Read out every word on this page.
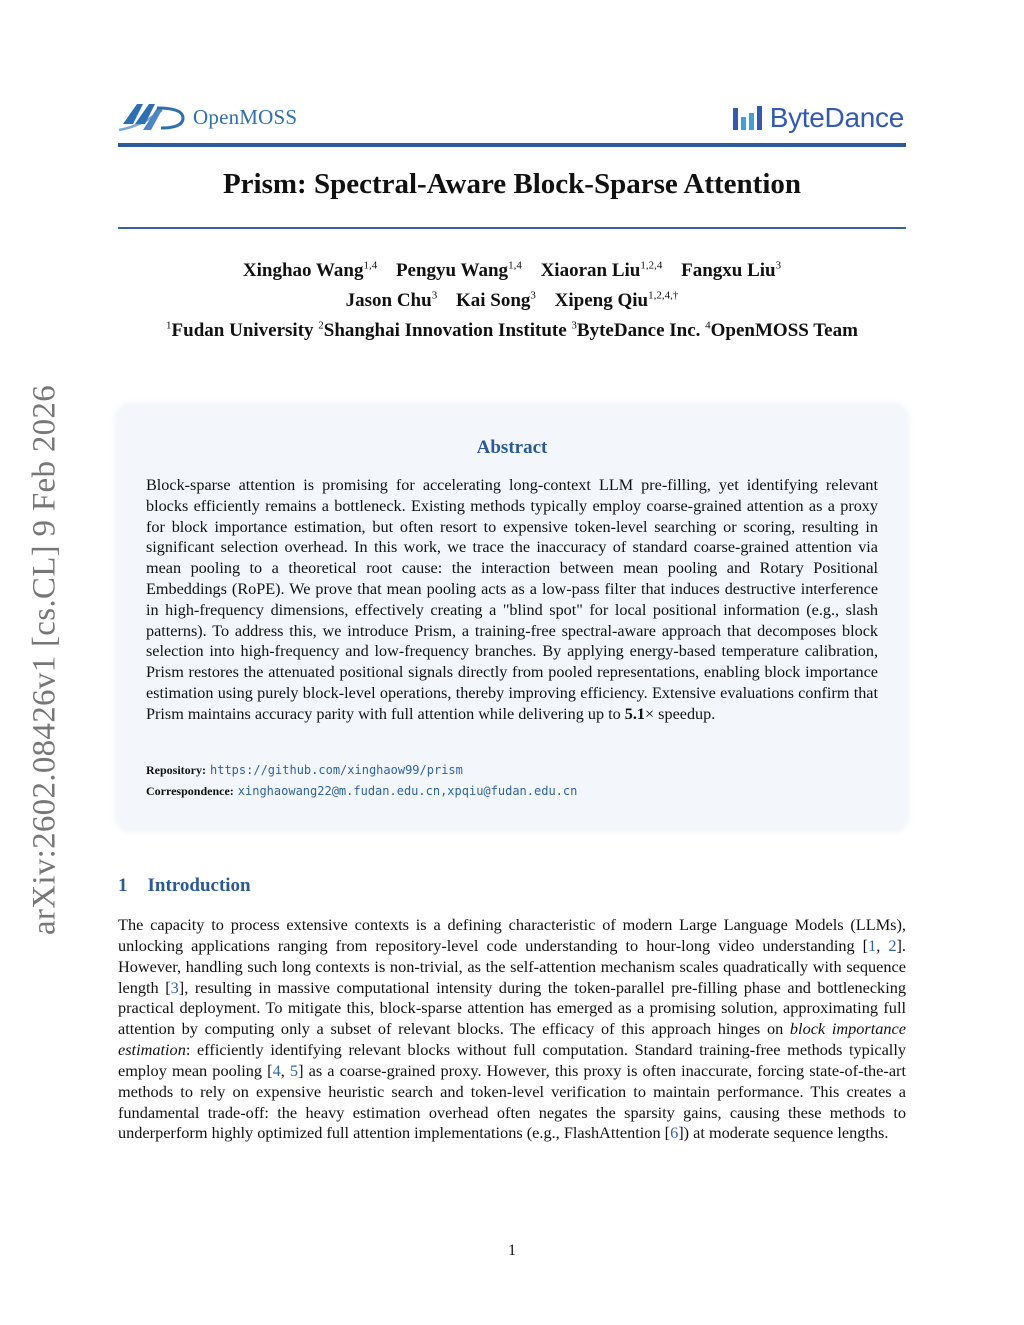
arXiv:2602.08426v1 [cs.CL] 9 Feb 2026
OpenMOSS	ByteDance
Prism: Spectral-Aware Block-Sparse Attention
Xinghao Wang$^{1,4}$ Pengyu Wang$^{1,4}$ Xiaoran Liu$^{1,2,4}$ Fangxu Liu$^3$
Jason Chu$^3$ Kai Song$^3$ Xipeng Qiu$^{1,2,4,\dagger}$
$^1$Fudan University $^2$Shanghai Innovation Institute $^3$ByteDance Inc. $^4$OpenMOSS Team
Abstract

Block-sparse attention is promising for accelerating long-context LLM pre-filling, yet identifying relevant blocks efficiently remains a bottleneck. Existing methods typically employ coarse-grained attention as a proxy for block importance estimation, but often resort to expensive token-level searching or scoring, resulting in significant selection overhead. In this work, we trace the inaccuracy of standard coarse-grained attention via mean pooling to a theoretical root cause: the interaction between mean pooling and Rotary Positional Embeddings (RoPE). We prove that mean pooling acts as a low-pass filter that induces destructive interference in high-frequency dimensions, effectively creating a "blind spot" for local positional information (e.g., slash patterns). To address this, we introduce Prism, a training-free spectral-aware approach that decomposes block selection into high-frequency and low-frequency branches. By applying energy-based temperature calibration, Prism restores the attenuated positional signals directly from pooled representations, enabling block importance estimation using purely block-level operations, thereby improving efficiency. Extensive evaluations confirm that Prism maintains accuracy parity with full attention while delivering up to 5.1× speedup.

Repository: https://github.com/xinghaow99/prism
Correspondence: xinghaowang22@m.fudan.edu.cn,xpqiu@fudan.edu.cn
1 Introduction

The capacity to process extensive contexts is a defining characteristic of modern Large Language Models (LLMs), unlocking applications ranging from repository-level code understanding to hour-long video understanding [1, 2]. However, handling such long contexts is non-trivial, as the self-attention mechanism scales quadratically with sequence length [3], resulting in massive computational intensity during the token-parallel pre-filling phase and bottlenecking practical deployment. To mitigate this, block-sparse attention has emerged as a promising solution, approximating full attention by computing only a subset of relevant blocks. The efficacy of this approach hinges on block importance estimation: efficiently identifying relevant blocks without full computation. Standard training-free methods typically employ mean pooling [4, 5] as a coarse-grained proxy. However, this proxy is often inaccurate, forcing state-of-the-art methods to rely on expensive heuristic search and token-level verification to maintain performance. This creates a fundamental trade-off: the heavy estimation overhead often negates the sparsity gains, causing these methods to underperform highly optimized full attention implementations (e.g., FlashAttention [6]) at moderate sequence lengths.

1
